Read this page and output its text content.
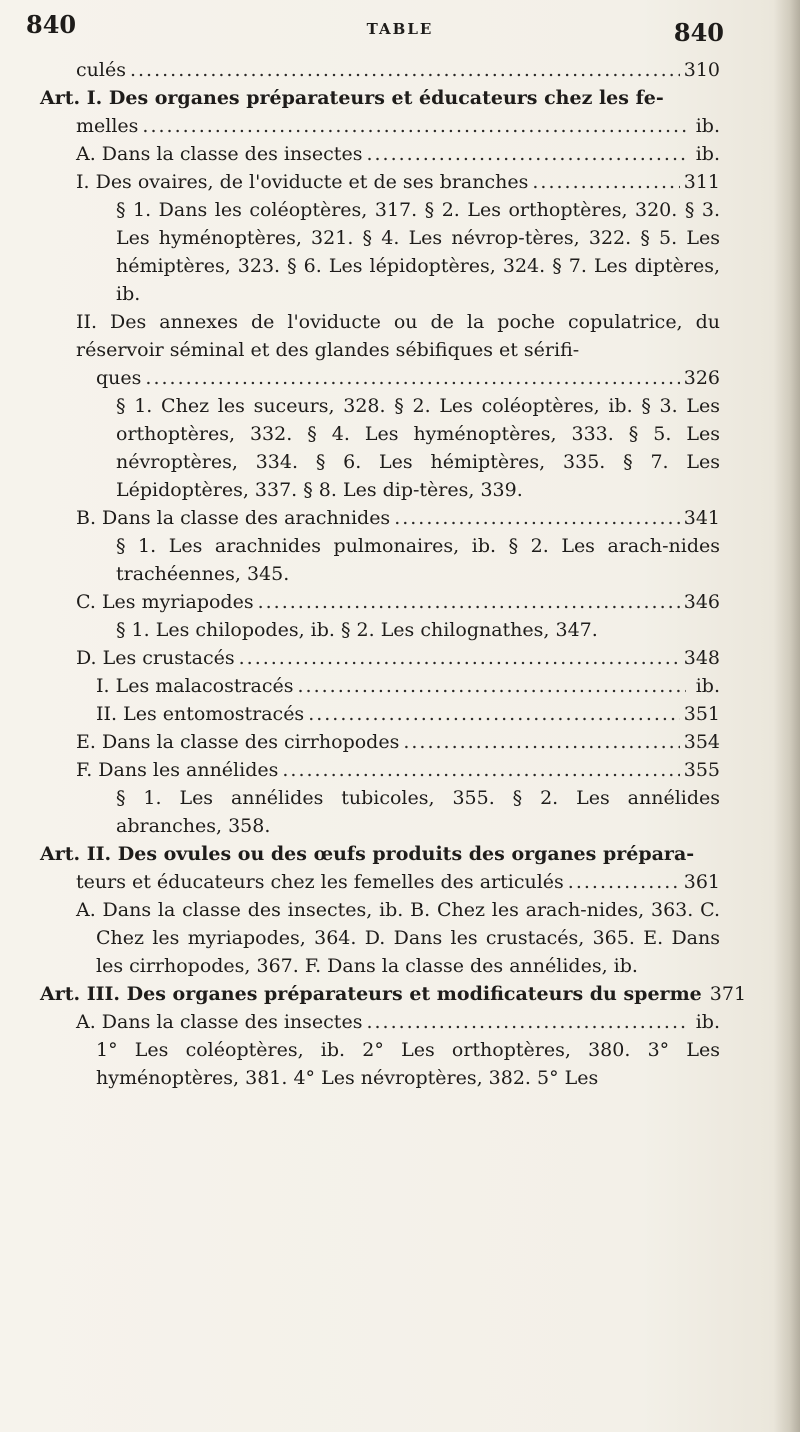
840	TABLE	840
culés .....	310
Art. I. Des organes préparateurs et éducateurs chez les fe-
melles .....	ib.
A. Dans la classe des insectes .....	ib.
I. Des ovaires, de l'oviducte et de ses branches .....	311
§ 1. Dans les coléoptères, 317. § 2. Les orthoptères, 320. § 3. Les hyménoptères, 321. § 4. Les névrop-tères, 322. § 5. Les hémiptères, 323. § 6. Les lépidoptères, 324. § 7. Les diptères, ib.
II. Des annexes de l'oviducte ou de la poche copulatrice, du réservoir séminal et des glandes sébifiques et sérifi-
ques .....	326
§ 1. Chez les suceurs, 328. § 2. Les coléoptères, ib. § 3. Les orthoptères, 332. § 4. Les hyménoptères, 333. § 5. Les névroptères, 334. § 6. Les hémiptères, 335. § 7. Les Lépidoptères, 337. § 8. Les dip-tères, 339.
B. Dans la classe des arachnides .....	341
§ 1. Les arachnides pulmonaires, ib. § 2. Les arach-nides trachéennes, 345.
C. Les myriapodes .....	346
§ 1. Les chilopodes, ib. § 2. Les chilognathes, 347.
D. Les crustacés .....	348
I. Les malacostracés .....	ib.
II. Les entomostracés .....	351
E. Dans la classe des cirrhopodes .....	354
F. Dans les annélides .....	355
§ 1. Les annélides tubicoles, 355. § 2. Les annélides abranches, 358.
Art. II. Des ovules ou des œufs produits des organes prépara-
teurs et éducateurs chez les femelles des articulés .....	361
A. Dans la classe des insectes, ib. B. Chez les arach-nides, 363. C. Chez les myriapodes, 364. D. Dans les crustacés, 365. E. Dans les cirrhopodes, 367. F. Dans la classe des annélides, ib.
Art. III. Des organes préparateurs et modificateurs du sperme 371
A. Dans la classe des insectes .....	ib.
1° Les coléoptères, ib. 2° Les orthoptères, 380. 3° Les hyménoptères, 381. 4° Les névroptères, 382. 5° Les
